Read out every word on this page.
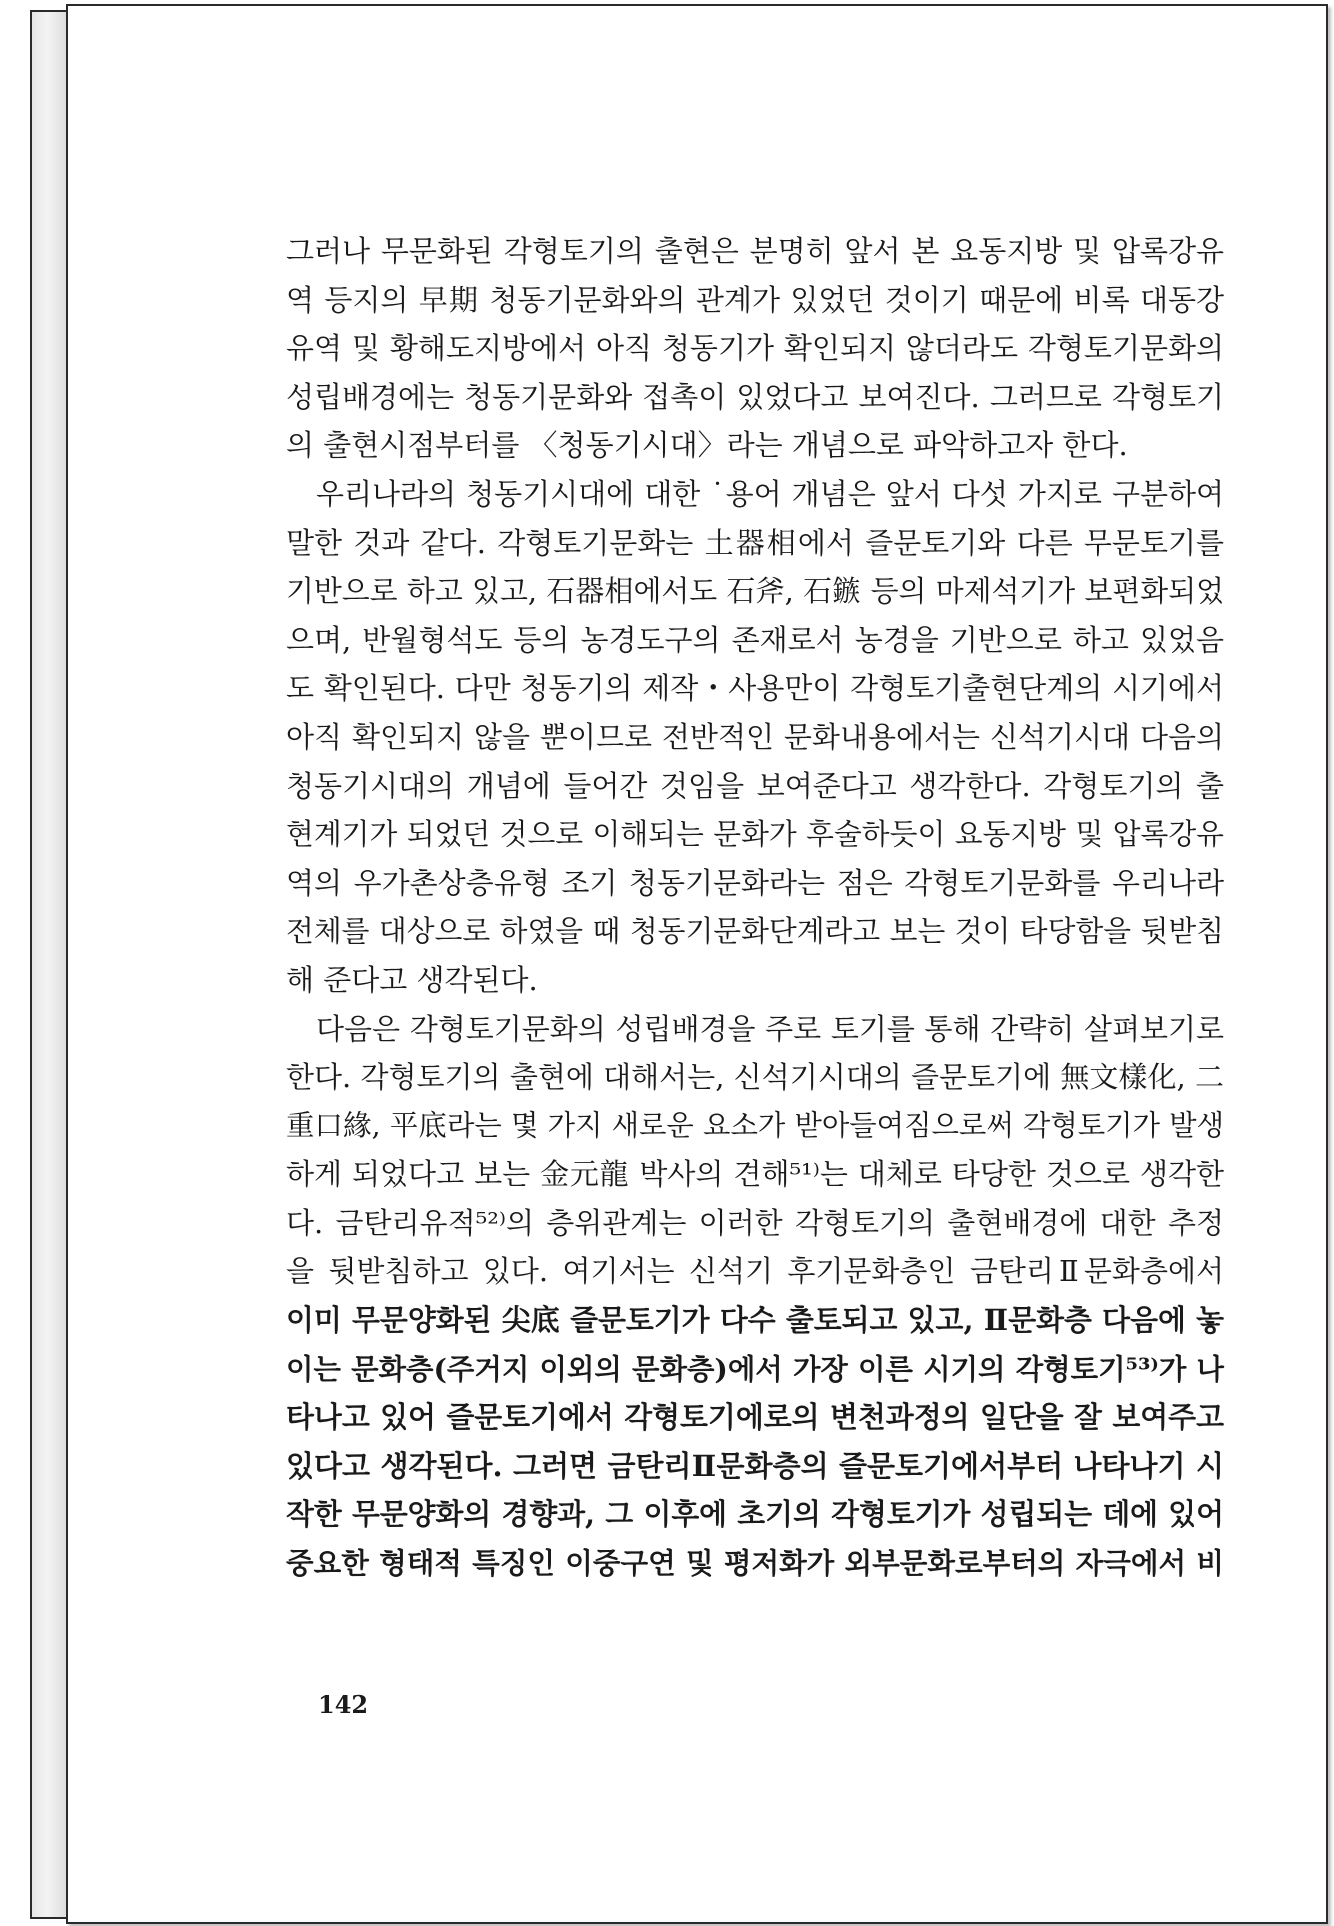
그러나 무문화된 각형토기의 출현은 분명히 앞서 본 요동지방 및 압록강유
역 등지의 早期 청동기문화와의 관계가 있었던 것이기 때문에 비록 대동강
유역 및 황해도지방에서 아직 청동기가 확인되지 않더라도 각형토기문화의
성립배경에는 청동기문화와 접촉이 있었다고 보여진다. 그러므로 각형토기
의 출현시점부터를 〈청동기시대〉라는 개념으로 파악하고자 한다.
우리나라의 청동기시대에 대한 ˙용어 개념은 앞서 다섯 가지로 구분하여
말한 것과 같다. 각형토기문화는 土器相에서 즐문토기와 다른 무문토기를
기반으로 하고 있고, 石器相에서도 石斧, 石鏃 등의 마제석기가 보편화되었
으며, 반월형석도 등의 농경도구의 존재로서 농경을 기반으로 하고 있었음
도 확인된다. 다만 청동기의 제작・사용만이 각형토기출현단계의 시기에서
아직 확인되지 않을 뿐이므로 전반적인 문화내용에서는 신석기시대 다음의
청동기시대의 개념에 들어간 것임을 보여준다고 생각한다. 각형토기의 출
현계기가 되었던 것으로 이해되는 문화가 후술하듯이 요동지방 및 압록강유
역의 우가촌상층유형 조기 청동기문화라는 점은 각형토기문화를 우리나라
전체를 대상으로 하였을 때 청동기문화단계라고 보는 것이 타당함을 뒷받침
해 준다고 생각된다.
다음은 각형토기문화의 성립배경을 주로 토기를 통해 간략히 살펴보기로
한다. 각형토기의 출현에 대해서는, 신석기시대의 즐문토기에 無文樣化, 二
重口緣, 平底라는 몇 가지 새로운 요소가 받아들여짐으로써 각형토기가 발생
하게 되었다고 보는 金元龍 박사의 견해⁵¹⁾는 대체로 타당한 것으로 생각한
다. 금탄리유적⁵²⁾의 층위관계는 이러한 각형토기의 출현배경에 대한 추정
을 뒷받침하고 있다. 여기서는 신석기 후기문화층인 금탄리Ⅱ문화층에서
이미 무문양화된 尖底 즐문토기가 다수 출토되고 있고, Ⅱ문화층 다음에 놓
이는 문화층(주거지 이외의 문화층)에서 가장 이른 시기의 각형토기⁵³⁾가 나
타나고 있어 즐문토기에서 각형토기에로의 변천과정의 일단을 잘 보여주고
있다고 생각된다. 그러면 금탄리Ⅱ문화층의 즐문토기에서부터 나타나기 시
작한 무문양화의 경향과, 그 이후에 초기의 각형토기가 성립되는 데에 있어
중요한 형태적 특징인 이중구연 및 평저화가 외부문화로부터의 자극에서 비
142
